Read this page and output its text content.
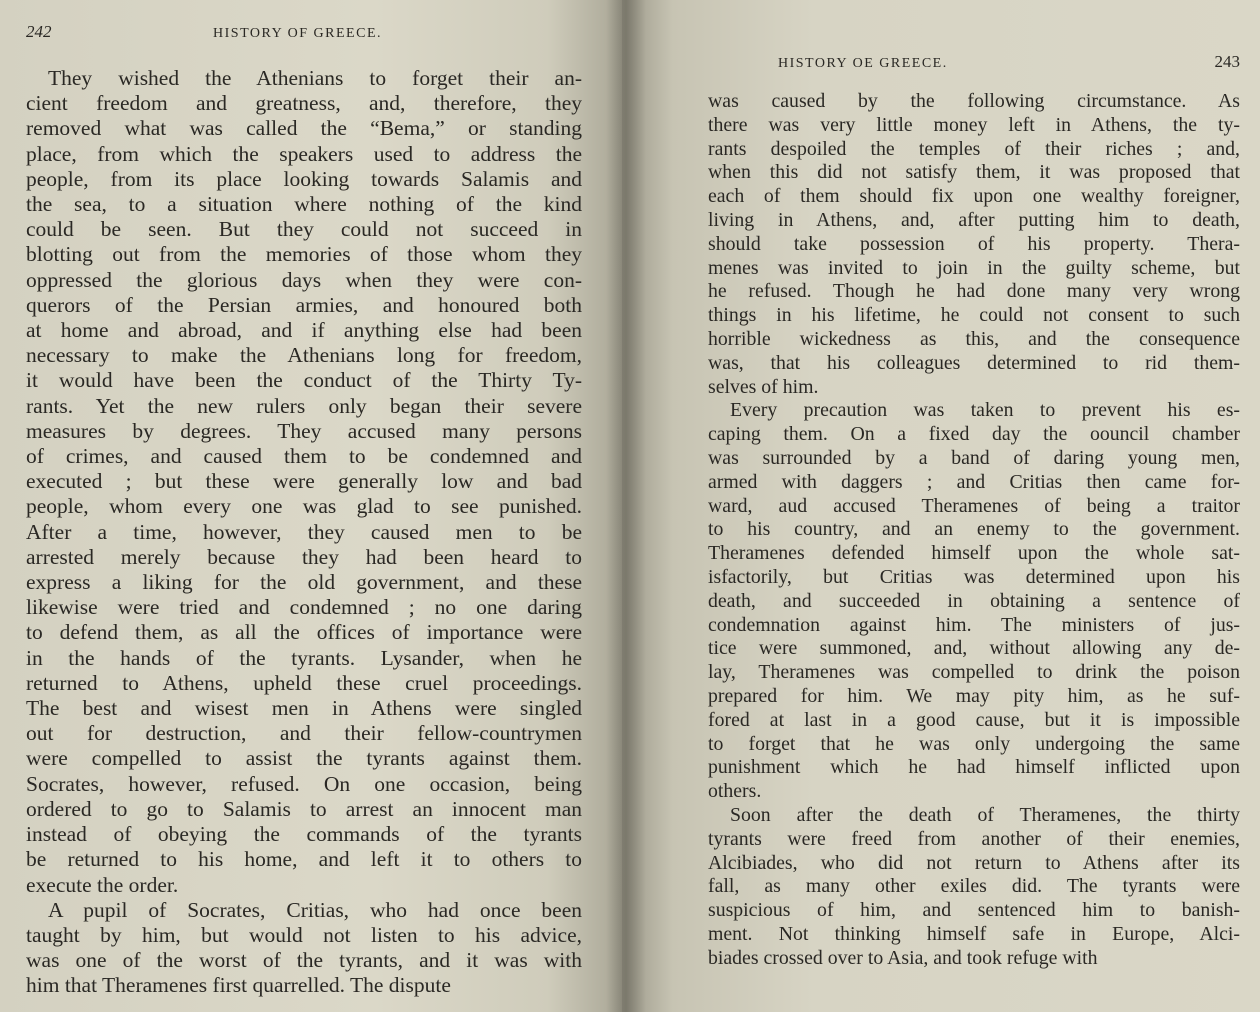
242	HISTORY OF GREECE.

They wished the Athenians to forget their an-
cient freedom and greatness, and, therefore, they
removed what was called the “Bema,” or standing
place, from which the speakers used to address the
people, from its place looking towards Salamis and
the sea, to a situation where nothing of the kind
could be seen. But they could not succeed in
blotting out from the memories of those whom they
oppressed the glorious days when they were con-
querors of the Persian armies, and honoured both
at home and abroad, and if anything else had been
necessary to make the Athenians long for freedom,
it would have been the conduct of the Thirty Ty-
rants. Yet the new rulers only began their severe
measures by degrees. They accused many persons
of crimes, and caused them to be condemned and
executed ; but these were generally low and bad
people, whom every one was glad to see punished.
After a time, however, they caused men to be
arrested merely because they had been heard to
express a liking for the old government, and these
likewise were tried and condemned ; no one daring
to defend them, as all the offices of importance were
in the hands of the tyrants. Lysander, when he
returned to Athens, upheld these cruel proceedings.
The best and wisest men in Athens were singled
out for destruction, and their fellow-countrymen
were compelled to assist the tyrants against them.
Socrates, however, refused. On one occasion, being
ordered to go to Salamis to arrest an innocent man
instead of obeying the commands of the tyrants
be returned to his home, and left it to others to
execute the order.

A pupil of Socrates, Critias, who had once been
taught by him, but would not listen to his advice,
was one of the worst of the tyrants, and it was with
him that Theramenes first quarrelled. The dispute

HISTORY OE GREECE.	243

was caused by the following circumstance. As
there was very little money left in Athens, the ty-
rants despoiled the temples of their riches ; and,
when this did not satisfy them, it was proposed that
each of them should fix upon one wealthy foreigner,
living in Athens, and, after putting him to death,
should take possession of his property. Thera-
menes was invited to join in the guilty scheme, but
he refused. Though he had done many very wrong
things in his lifetime, he could not consent to such
horrible wickedness as this, and the consequence
was, that his colleagues determined to rid them-
selves of him.

Every precaution was taken to prevent his es-
caping them. On a fixed day the oouncil chamber
was surrounded by a band of daring young men,
armed with daggers ; and Critias then came for-
ward, aud accused Theramenes of being a traitor
to his country, and an enemy to the government.
Theramenes defended himself upon the whole sat-
isfactorily, but Critias was determined upon his
death, and succeeded in obtaining a sentence of
condemnation against him. The ministers of jus-
tice were summoned, and, without allowing any de-
lay, Theramenes was compelled to drink the poison
prepared for him. We may pity him, as he suf-
fored at last in a good cause, but it is impossible
to forget that he was only undergoing the same
punishment which he had himself inflicted upon
others.

Soon after the death of Theramenes, the thirty
tyrants were freed from another of their enemies,
Alcibiades, who did not return to Athens after its
fall, as many other exiles did. The tyrants were
suspicious of him, and sentenced him to banish-
ment. Not thinking himself safe in Europe, Alci-
biades crossed over to Asia, and took refuge with
